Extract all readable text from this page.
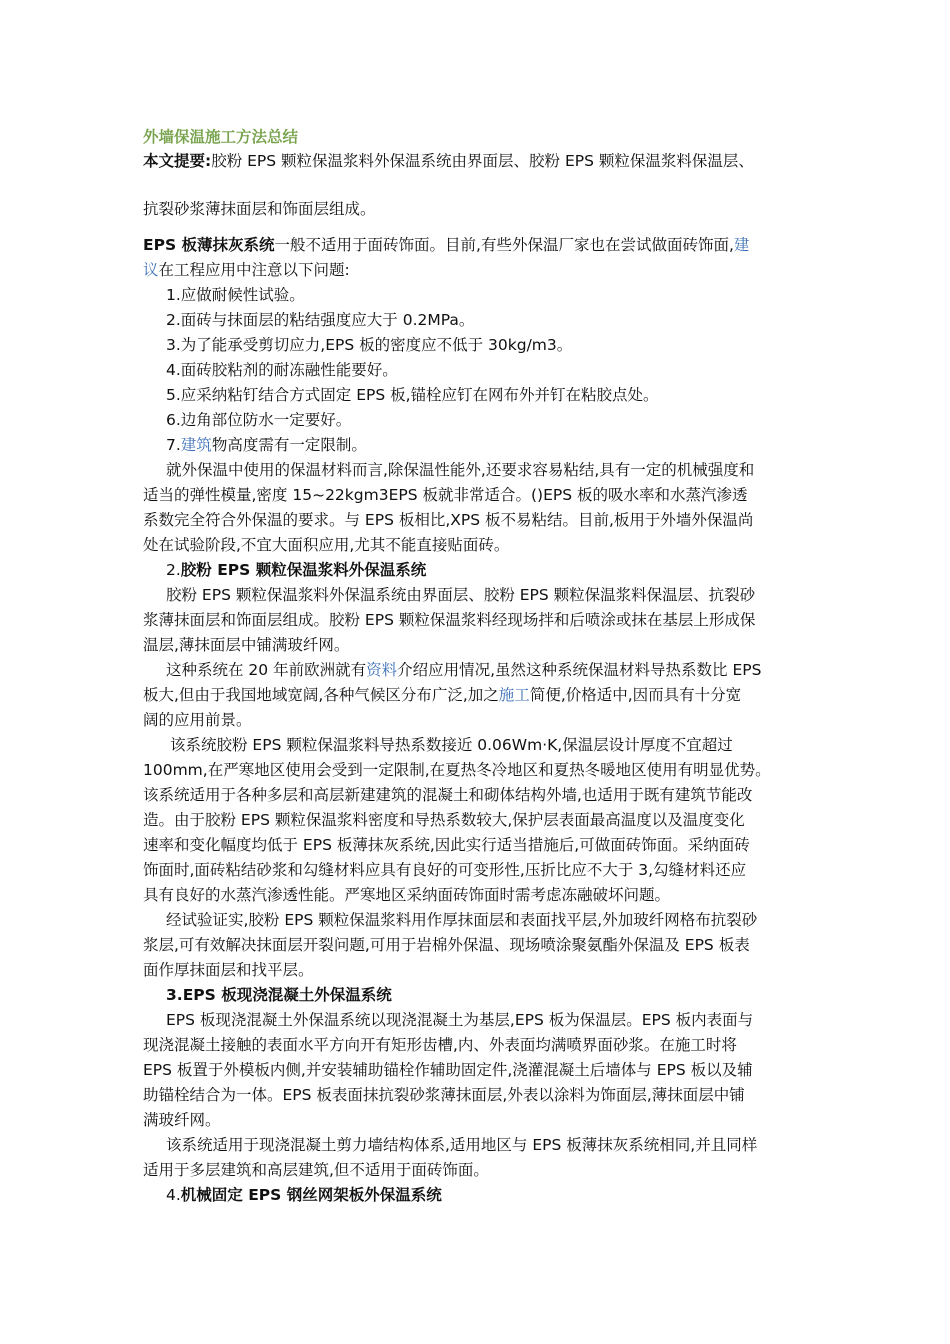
外墙保温施工方法总结
本文提要:胶粉 EPS 颗粒保温浆料外保温系统由界面层、胶粉 EPS 颗粒保温浆料保温层、
抗裂砂浆薄抹面层和饰面层组成。
EPS 板薄抹灰系统一般不适用于面砖饰面。目前,有些外保温厂家也在尝试做面砖饰面,建
议在工程应用中注意以下问题:
1.应做耐候性试验。
2.面砖与抹面层的粘结强度应大于 0.2MPa。
3.为了能承受剪切应力,EPS 板的密度应不低于 30kg/m3。
4.面砖胶粘剂的耐冻融性能要好。
5.应采纳粘钉结合方式固定 EPS 板,锚栓应钉在网布外并钉在粘胶点处。
6.边角部位防水一定要好。
7.建筑物高度需有一定限制。
就外保温中使用的保温材料而言,除保温性能外,还要求容易粘结,具有一定的机械强度和
适当的弹性模量,密度 15~22kgm3EPS 板就非常适合。()EPS 板的吸水率和水蒸汽渗透
系数完全符合外保温的要求。与 EPS 板相比,XPS 板不易粘结。目前,板用于外墙外保温尚
处在试验阶段,不宜大面积应用,尤其不能直接贴面砖。
2.胶粉 EPS 颗粒保温浆料外保温系统
胶粉 EPS 颗粒保温浆料外保温系统由界面层、胶粉 EPS 颗粒保温浆料保温层、抗裂砂
浆薄抹面层和饰面层组成。胶粉 EPS 颗粒保温浆料经现场拌和后喷涂或抹在基层上形成保
温层,薄抹面层中铺满玻纤网。
这种系统在 20 年前欧洲就有资料介绍应用情况,虽然这种系统保温材料导热系数比 EPS
板大,但由于我国地域宽阔,各种气候区分布广泛,加之施工简便,价格适中,因而具有十分宽
阔的应用前景。
该系统胶粉 EPS 颗粒保温浆料导热系数接近 0.06Wm·K,保温层设计厚度不宜超过
100mm,在严寒地区使用会受到一定限制,在夏热冬冷地区和夏热冬暖地区使用有明显优势。
该系统适用于各种多层和高层新建建筑的混凝土和砌体结构外墙,也适用于既有建筑节能改
造。由于胶粉 EPS 颗粒保温浆料密度和导热系数较大,保护层表面最高温度以及温度变化
速率和变化幅度均低于 EPS 板薄抹灰系统,因此实行适当措施后,可做面砖饰面。采纳面砖
饰面时,面砖粘结砂浆和勾缝材料应具有良好的可变形性,压折比应不大于 3,勾缝材料还应
具有良好的水蒸汽渗透性能。严寒地区采纳面砖饰面时需考虑冻融破坏问题。
经试验证实,胶粉 EPS 颗粒保温浆料用作厚抹面层和表面找平层,外加玻纤网格布抗裂砂
浆层,可有效解决抹面层开裂问题,可用于岩棉外保温、现场喷涂聚氨酯外保温及 EPS 板表
面作厚抹面层和找平层。
3.EPS 板现浇混凝土外保温系统
EPS 板现浇混凝土外保温系统以现浇混凝土为基层,EPS 板为保温层。EPS 板内表面与
现浇混凝土接触的表面水平方向开有矩形齿槽,内、外表面均满喷界面砂浆。在施工时将
EPS 板置于外模板内侧,并安装辅助锚栓作辅助固定件,浇灌混凝土后墙体与 EPS 板以及辅
助锚栓结合为一体。EPS 板表面抹抗裂砂浆薄抹面层,外表以涂料为饰面层,薄抹面层中铺
满玻纤网。
该系统适用于现浇混凝土剪力墙结构体系,适用地区与 EPS 板薄抹灰系统相同,并且同样
适用于多层建筑和高层建筑,但不适用于面砖饰面。
4.机械固定 EPS 钢丝网架板外保温系统
